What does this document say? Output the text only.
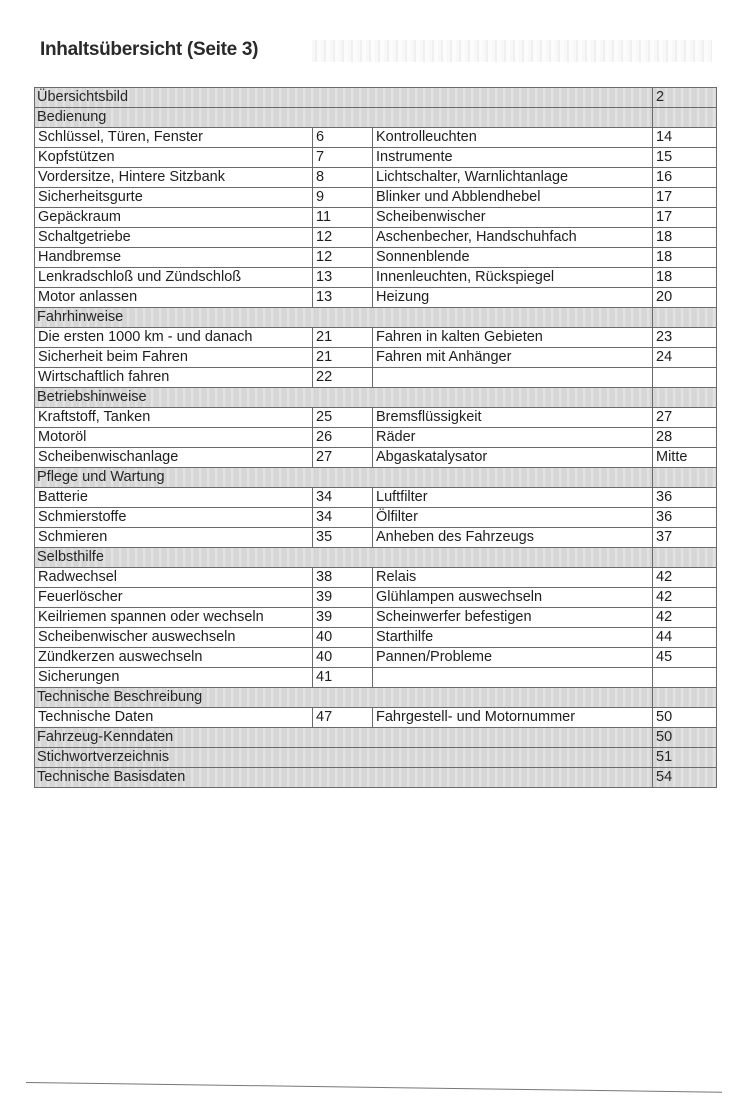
Inhaltsübersicht (Seite 3)
Übersichtsbild			2
Bedienung			
Schlüssel, Türen, Fenster	6	Kontrolleuchten	14
Kopfstützen	7	Instrumente	15
Vordersitze, Hintere Sitzbank	8	Lichtschalter, Warnlichtanlage	16
Sicherheitsgurte	9	Blinker und Abblendhebel	17
Gepäckraum	11	Scheibenwischer	17
Schaltgetriebe	12	Aschenbecher, Handschuhfach	18
Handbremse	12	Sonnenblende	18
Lenkradschloß und Zündschloß	13	Innenleuchten, Rückspiegel	18
Motor anlassen	13	Heizung	20
Fahrhinweise			
Die ersten 1000 km - und danach	21	Fahren in kalten Gebieten	23
Sicherheit beim Fahren	21	Fahren mit Anhänger	24
Wirtschaftlich fahren	22		
Betriebshinweise			
Kraftstoff, Tanken	25	Bremsflüssigkeit	27
Motoröl	26	Räder	28
Scheibenwischanlage	27	Abgaskatalysator	Mitte
Pflege und Wartung			
Batterie	34	Luftfilter	36
Schmierstoffe	34	Ölfilter	36
Schmieren	35	Anheben des Fahrzeugs	37
Selbsthilfe			
Radwechsel	38	Relais	42
Feuerlöscher	39	Glühlampen auswechseln	42
Keilriemen spannen oder wechseln	39	Scheinwerfer befestigen	42
Scheibenwischer auswechseln	40	Starthilfe	44
Zündkerzen auswechseln	40	Pannen/Probleme	45
Sicherungen	41		
Technische Beschreibung			
Technische Daten	47	Fahrgestell- und Motornummer	50
Fahrzeug-Kenndaten			50
Stichwortverzeichnis			51
Technische Basisdaten			54
